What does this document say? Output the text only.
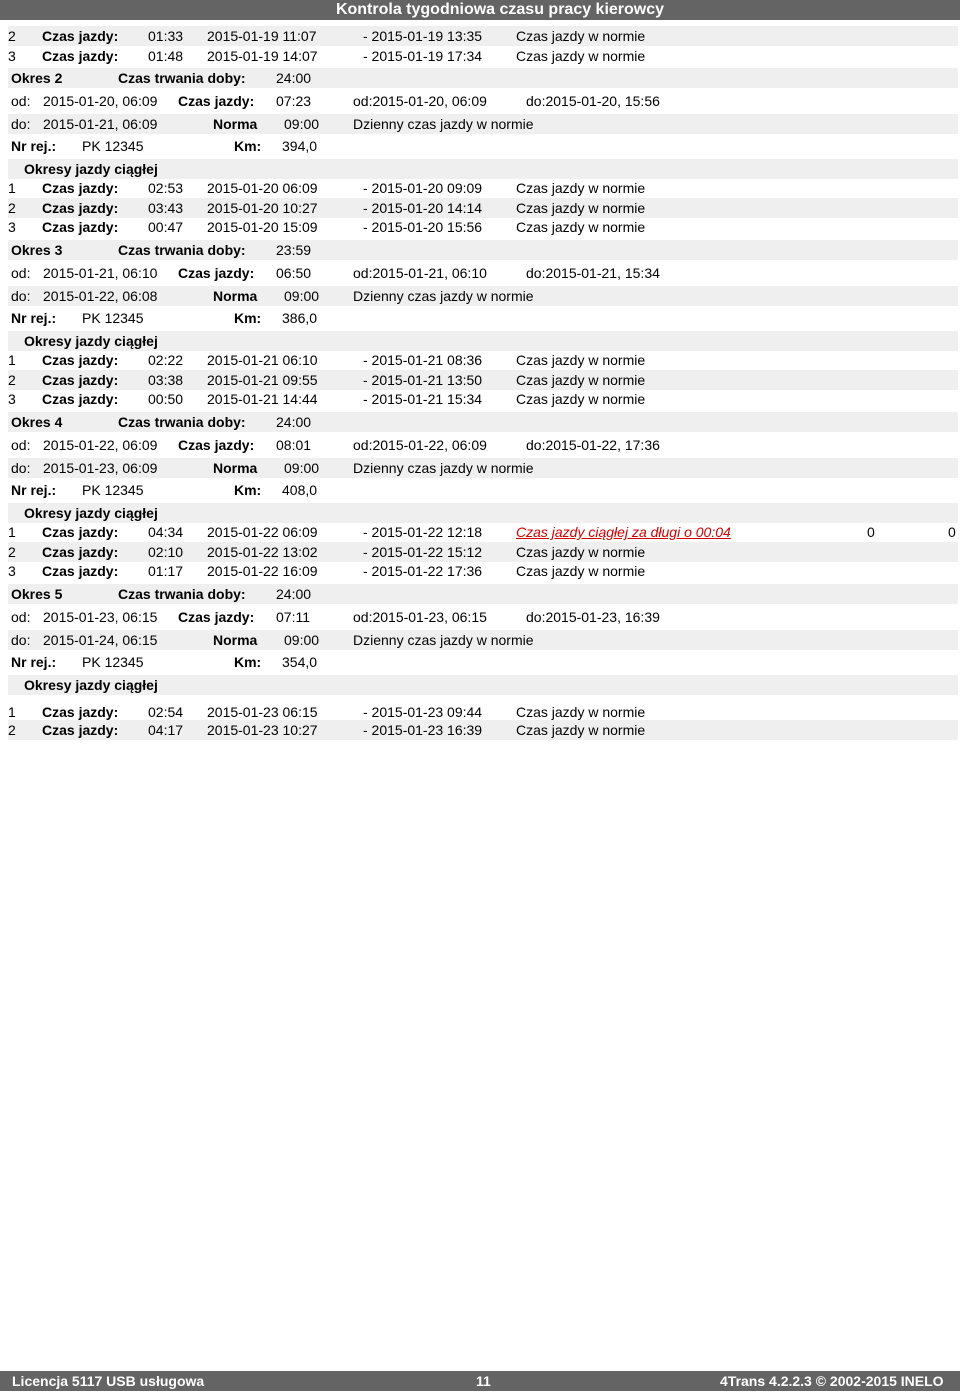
Kontrola tygodniowa czasu pracy kierowcy
2 Czas jazdy: 01:33 2015-01-19 11:07	- 2015-01-19 13:35 Czas jazdy w normie
3 Czas jazdy: 01:48 2015-01-19 14:07	- 2015-01-19 17:34 Czas jazdy w normie
Okres 2	Czas trwania doby: 24:00
od: 2015-01-20, 06:09 Czas jazdy: 07:23	od:2015-01-20, 06:09	do:2015-01-20, 15:56
do: 2015-01-21, 06:09	Norma 09:00 Dzienny czas jazdy w normie
Nr rej.: PK 12345	Km: 394,0
Okresy jazdy ciągłej
1 Czas jazdy: 02:53 2015-01-20 06:09	- 2015-01-20 09:09 Czas jazdy w normie
2 Czas jazdy: 03:43 2015-01-20 10:27	- 2015-01-20 14:14 Czas jazdy w normie
3 Czas jazdy: 00:47 2015-01-20 15:09	- 2015-01-20 15:56 Czas jazdy w normie
Okres 3	Czas trwania doby: 23:59
od: 2015-01-21, 06:10 Czas jazdy: 06:50	od:2015-01-21, 06:10	do:2015-01-21, 15:34
do: 2015-01-22, 06:08	Norma 09:00 Dzienny czas jazdy w normie
Nr rej.: PK 12345	Km: 386,0
Okresy jazdy ciągłej
1 Czas jazdy: 02:22 2015-01-21 06:10	- 2015-01-21 08:36 Czas jazdy w normie
2 Czas jazdy: 03:38 2015-01-21 09:55	- 2015-01-21 13:50 Czas jazdy w normie
3 Czas jazdy: 00:50 2015-01-21 14:44	- 2015-01-21 15:34 Czas jazdy w normie
Okres 4	Czas trwania doby: 24:00
od: 2015-01-22, 06:09 Czas jazdy: 08:01	od:2015-01-22, 06:09	do:2015-01-22, 17:36
do: 2015-01-23, 06:09	Norma 09:00 Dzienny czas jazdy w normie
Nr rej.: PK 12345	Km: 408,0
Okresy jazdy ciągłej
1 Czas jazdy: 04:34 2015-01-22 06:09	- 2015-01-22 12:18 Czas jazdy ciągłej za długi o 00:04	0	0
2 Czas jazdy: 02:10 2015-01-22 13:02	- 2015-01-22 15:12 Czas jazdy w normie
3 Czas jazdy: 01:17 2015-01-22 16:09	- 2015-01-22 17:36 Czas jazdy w normie
Okres 5	Czas trwania doby: 24:00
od: 2015-01-23, 06:15 Czas jazdy: 07:11	od:2015-01-23, 06:15	do:2015-01-23, 16:39
do: 2015-01-24, 06:15	Norma 09:00 Dzienny czas jazdy w normie
Nr rej.: PK 12345	Km: 354,0
Okresy jazdy ciągłej
1 Czas jazdy: 02:54 2015-01-23 06:15	- 2015-01-23 09:44 Czas jazdy w normie
2 Czas jazdy: 04:17 2015-01-23 10:27	- 2015-01-23 16:39 Czas jazdy w normie
Licencja 5117 USB usługowa	11	4Trans 4.2.2.3 © 2002-2015 INELO
